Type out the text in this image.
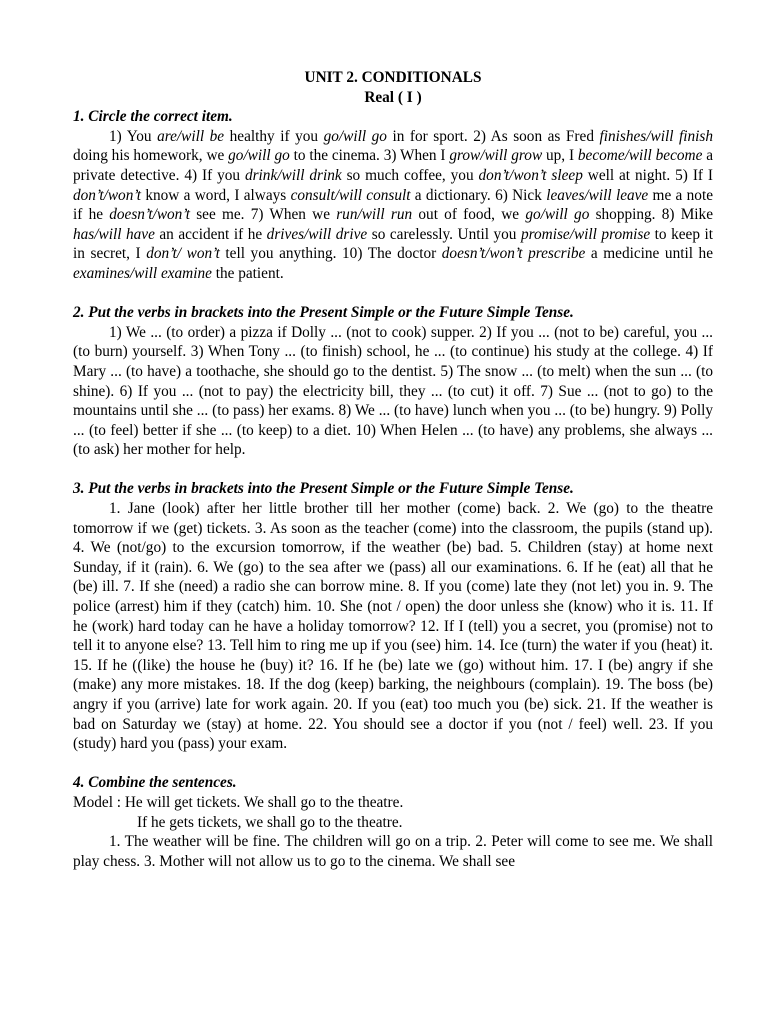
UNIT 2. CONDITIONALS

Real ( I )

1. Circle the correct item.

1) You are/will be healthy if you go/will go in for sport. 2) As soon as Fred finishes/will finish doing his homework, we go/will go to the cinema. 3) When I grow/will grow up, I become/will become a private detective. 4) If you drink/will drink so much coffee, you don’t/won’t sleep well at night. 5) If I don’t/won’t know a word, I always consult/will consult a dictionary. 6) Nick leaves/will leave me a note if he doesn’t/won’t see me. 7) When we run/will run out of food, we go/will go shopping. 8) Mike has/will have an accident if he drives/will drive so carelessly. Until you promise/will promise to keep it in secret, I don’t/ won’t tell you anything. 10) The doctor doesn’t/won’t prescribe a medicine until he examines/will examine the patient.

2. Put the verbs in brackets into the Present Simple or the Future Simple Tense.

1) We ... (to order) a pizza if Dolly ... (not to cook) supper. 2) If you ... (not to be) careful, you ... (to burn) yourself. 3) When Tony ... (to finish) school, he ... (to continue) his study at the college. 4) If Mary ... (to have) a toothache, she should go to the dentist. 5) The snow ... (to melt) when the sun ... (to shine). 6) If you ... (not to pay) the electricity bill, they ... (to cut) it off. 7) Sue ... (not to go) to the mountains until she ... (to pass) her exams. 8) We ... (to have) lunch when you ... (to be) hungry. 9) Polly ... (to feel) better if she ... (to keep) to a diet. 10) When Helen ... (to have) any problems, she always ... (to ask) her mother for help.

3. Put the verbs in brackets into the Present Simple or the Future Simple Tense.

1. Jane (look) after her little brother till her mother (come) back. 2. We (go) to the theatre tomorrow if we (get) tickets. 3. As soon as the teacher (come) into the classroom, the pupils (stand up). 4. We (not/go) to the excursion tomorrow, if the weather (be) bad. 5. Children (stay) at home next Sunday, if it (rain). 6. We (go) to the sea after we (pass) all our examinations. 6. If he (eat) all that he (be) ill. 7. If she (need) a radio she can borrow mine. 8. If you (come) late they (not let) you in. 9. The police (arrest) him if they (catch) him. 10. She (not / open) the door unless she (know) who it is. 11. If he (work) hard today can he have a holiday tomorrow? 12. If I (tell) you a secret, you (promise) not to tell it to anyone else? 13. Tell him to ring me up if you (see) him. 14. Ice (turn) the water if you (heat) it. 15. If he ((like) the house he (buy) it? 16. If he (be) late we (go) without him. 17. I (be) angry if she (make) any more mistakes. 18. If the dog (keep) barking, the neighbours (complain). 19. The boss (be) angry if you (arrive) late for work again. 20. If you (eat) too much you (be) sick. 21. If the weather is bad on Saturday we (stay) at home. 22. You should see a doctor if you (not / feel) well. 23. If you (study) hard you (pass) your exam.

4. Combine the sentences.

Model : He will get tickets. We shall go to the theatre.

If he gets tickets, we shall go to the theatre.

1. The weather will be fine. The children will go on a trip. 2. Peter will come to see me. We shall play chess. 3. Mother will not allow us to go to the cinema. We shall see
